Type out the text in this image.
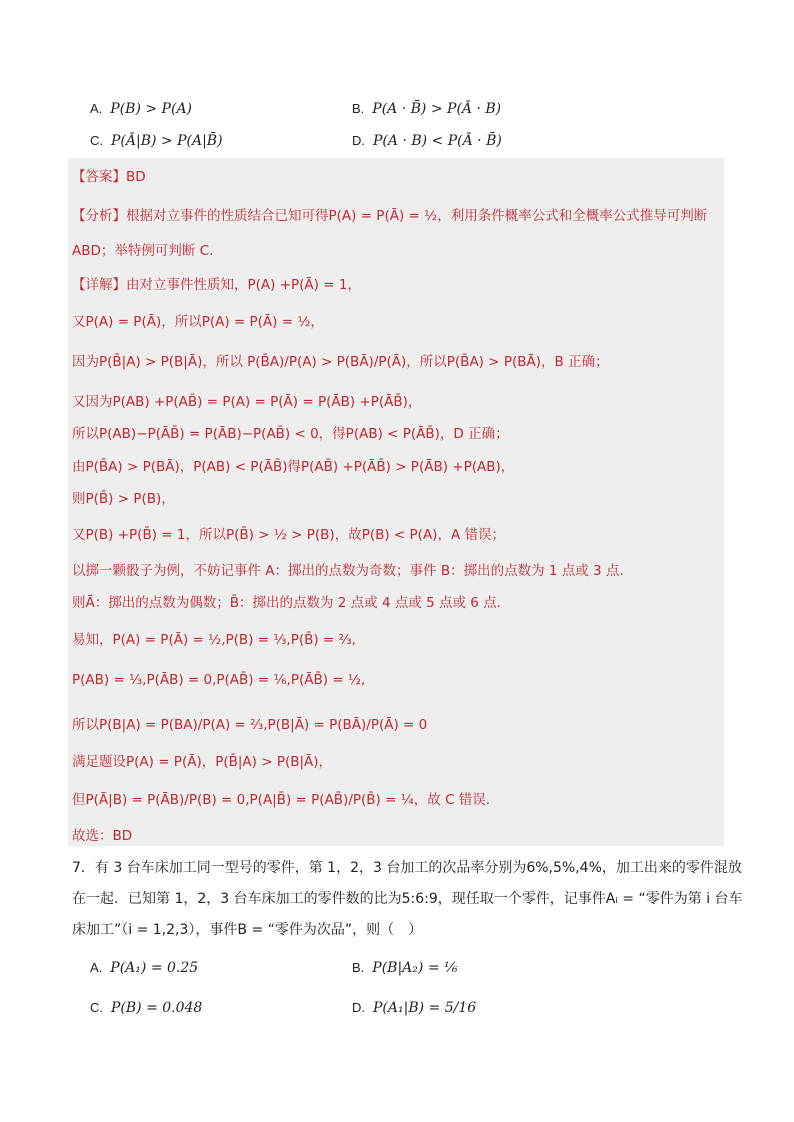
A. P(B) > P(A)	B. P(A · B̄) > P(Ā · B)
C. P(Ā|B) > P(A|B̄)	D. P(A · B) < P(Ā · B̄)
【答案】BD
【分析】根据对立事件的性质结合已知可得P(A) = P(Ā) = ½，利用条件概率公式和全概率公式推导可判断
ABD；举特例可判断 C.
【详解】由对立事件性质知，P(A) +P(Ā) = 1，
又P(A) = P(Ā)，所以P(A) = P(Ā) = ½，
因为P(B̄|A) > P(B|Ā)，所以 P(B̄A)/P(A) > P(BĀ)/P(Ā)，所以P(B̄A) > P(BĀ)，B 正确；
又因为P(AB) +P(AB̄) = P(A) = P(Ā) = P(ĀB) +P(ĀB̄)，
所以P(AB)−P(ĀB̄) = P(ĀB)−P(AB̄) < 0，得P(AB) < P(ĀB̄)，D 正确；
由P(B̄A) > P(BĀ)，P(AB) < P(ĀB̄)得P(AB̄) +P(ĀB̄) > P(ĀB) +P(AB)，
则P(B̄) > P(B)，
又P(B) +P(B̄) = 1，所以P(B̄) > ½ > P(B)，故P(B) < P(A)，A 错误；
以掷一颗骰子为例，不妨记事件 A：掷出的点数为奇数；事件 B：掷出的点数为 1 点或 3 点.
则Ā：掷出的点数为偶数；B̄：掷出的点数为 2 点或 4 点或 5 点或 6 点.
易知，P(A) = P(Ā) = ½,P(B) = ⅓,P(B̄) = ⅔,
P(AB) = ⅓,P(ĀB) = 0,P(AB̄) = ⅙,P(ĀB̄) = ½,
所以P(B|A) = P(BA)/P(A) = ⅔,P(B|Ā) = P(BĀ)/P(Ā) = 0
满足题设P(A) = P(Ā)，P(B̄|A) > P(B|Ā)，
但P(Ā|B) = P(ĀB)/P(B) = 0,P(A|B̄) = P(AB̄)/P(B̄) = ¼，故 C 错误.
故选：BD
7．有 3 台车床加工同一型号的零件，第 1，2，3 台加工的次品率分别为6%,5%,4%，加工出来的零件混放
在一起．已知第 1，2，3 台车床加工的零件数的比为5:6:9，现任取一个零件，记事件Aᵢ = “零件为第 i 台车
床加工”（i = 1,2,3），事件B = “零件为次品”，则（　）
A. P(A₁) = 0.25	B. P(B|A₂) = ⅙
C. P(B) = 0.048	D. P(A₁|B) = 5/16
